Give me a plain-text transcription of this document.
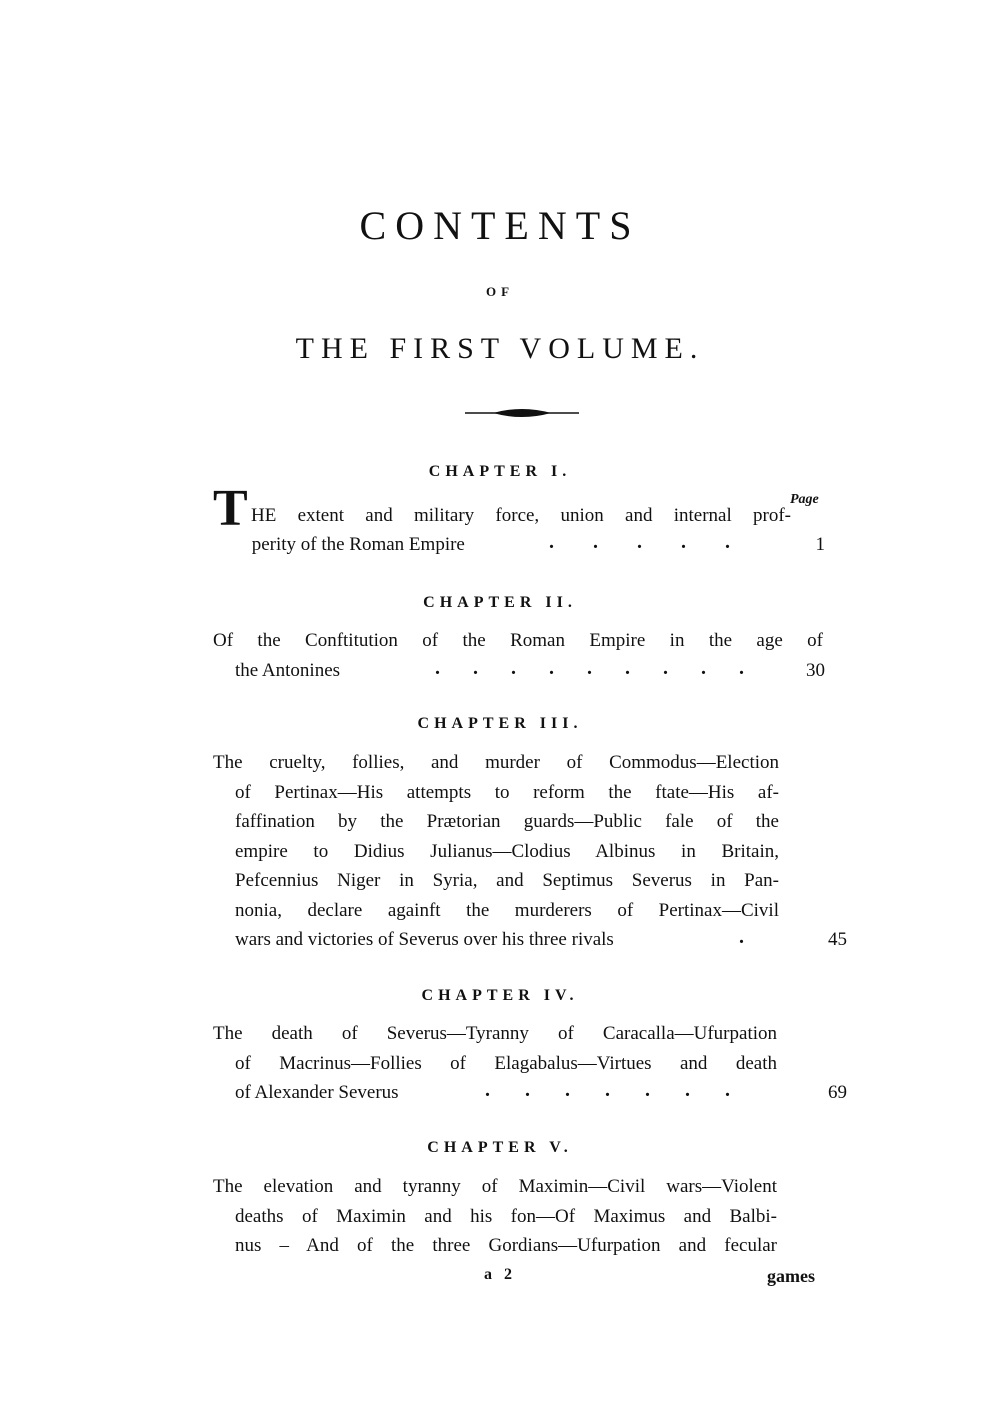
CONTENTS
OF
THE FIRST VOLUME.
CHAPTER I.
Page
T HE extent and military force, union and internal prof-
perity of the Roman Empire	. . . . .	1
CHAPTER II.
Of the Conftitution of the Roman Empire in the age of
the Antonines	. . . . . . . . .	30
CHAPTER III.
The cruelty, follies, and murder of Commodus—Election
of Pertinax—His attempts to reform the ftate—His af-
faffination by the Prætorian guards—Public fale of the
empire to Didius Julianus—Clodius Albinus in Britain,
Pefcennius Niger in Syria, and Septimus Severus in Pan-
nonia, declare againft the murderers of Pertinax—Civil
wars and victories of Severus over his three rivals	.	45
CHAPTER IV.
The death of Severus—Tyranny of Caracalla—Ufurpation
of Macrinus—Follies of Elagabalus—Virtues and death
of Alexander Severus	. . . . . . .	69
CHAPTER V.
The elevation and tyranny of Maximin—Civil wars—Violent
deaths of Maximin and his fon—Of Maximus and Balbi-
nus – And of the three Gordians—Ufurpation and fecular
a 2	games
